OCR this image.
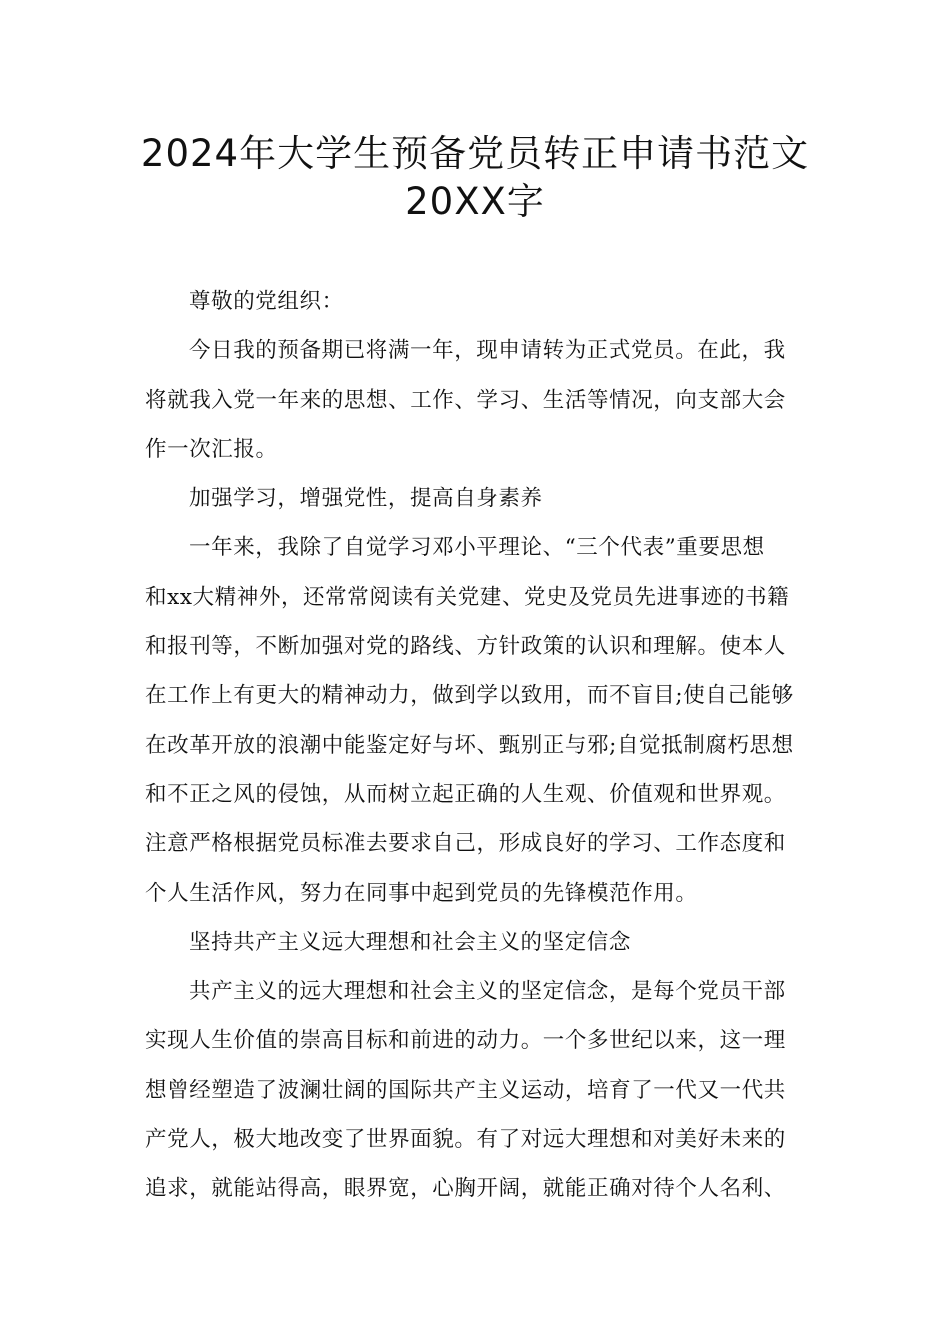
2024年大学生预备党员转正申请书范文
20XX字
尊敬的党组织：
今日我的预备期已将满一年，现申请转为正式党员。在此，我
将就我入党一年来的思想、工作、学习、生活等情况，向支部大会
作一次汇报。
加强学习，增强党性，提高自身素养
一年来，我除了自觉学习邓小平理论、“三个代表”重要思想
和xx大精神外，还常常阅读有关党建、党史及党员先进事迹的书籍
和报刊等，不断加强对党的路线、方针政策的认识和理解。使本人
在工作上有更大的精神动力，做到学以致用，而不盲目;使自己能够
在改革开放的浪潮中能鉴定好与坏、甄别正与邪;自觉抵制腐朽思想
和不正之风的侵蚀，从而树立起正确的人生观、价值观和世界观。
注意严格根据党员标准去要求自己，形成良好的学习、工作态度和
个人生活作风，努力在同事中起到党员的先锋模范作用。
坚持共产主义远大理想和社会主义的坚定信念
共产主义的远大理想和社会主义的坚定信念，是每个党员干部
实现人生价值的崇高目标和前进的动力。一个多世纪以来，这一理
想曾经塑造了波澜壮阔的国际共产主义运动，培育了一代又一代共
产党人，极大地改变了世界面貌。有了对远大理想和对美好未来的
追求，就能站得高，眼界宽，心胸开阔，就能正确对待个人名利、
